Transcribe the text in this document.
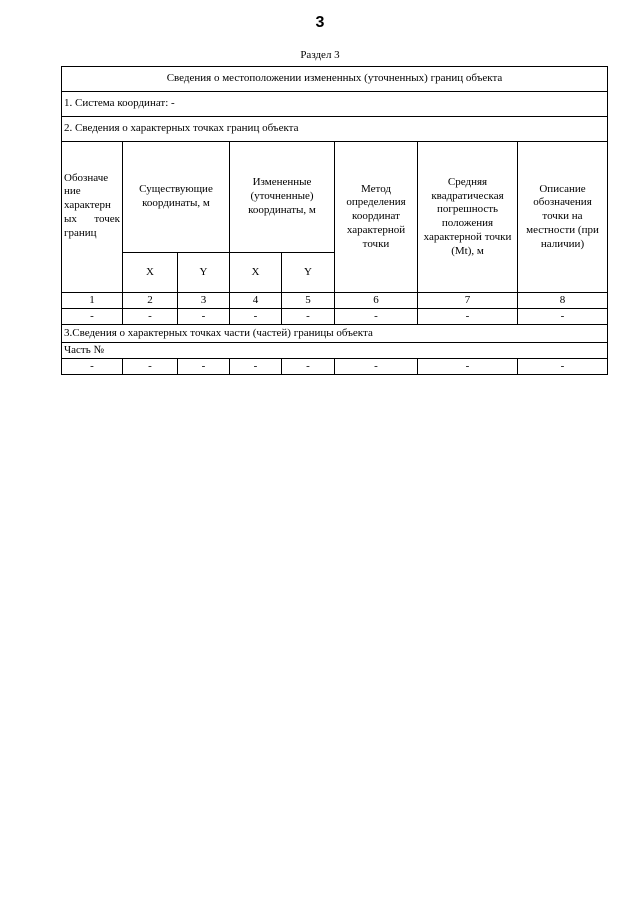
3
Раздел 3
Сведения о местоположении измененных (уточненных) границ объекта							
1. Система координат: -							
2. Сведения о характерных точках границ объекта							

Обозначе
ние
характерн
ых точек
границ	Существующие координаты, м		Измененные (уточненные) координаты, м		Метод определения координат характерной точки	Средняя квадратическая погрешность положения характерной точки (Mt), м	Описание обозначения точки на местности (при наличии)
	X	Y	X	Y			
1	2	3	4	5	6	7	8
-	-	-	-	-	-	-	-
3.Сведения о характерных точках части (частей) границы объекта							
Часть №							
-	-	-	-	-	-	-	-
